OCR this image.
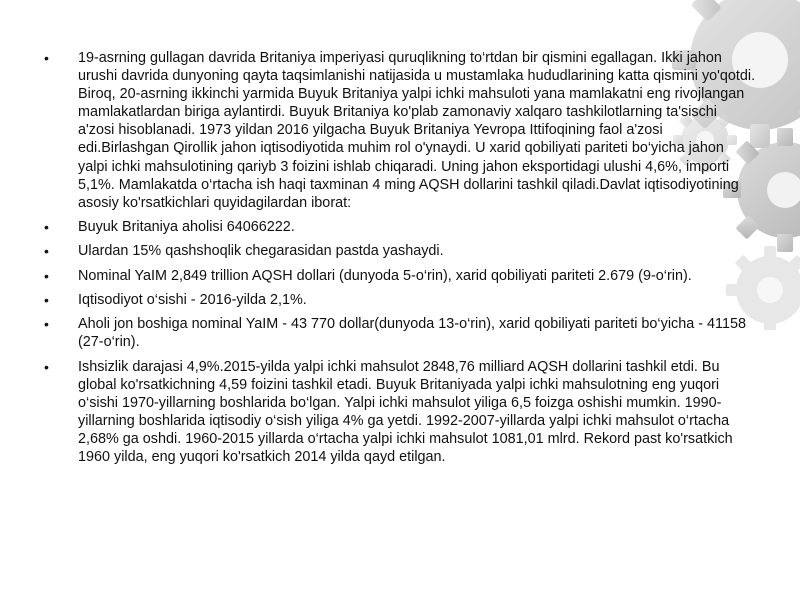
• 19-asrning gullagan davrida Britaniya imperiyasi quruqlikning to‘rtdan bir qismini egallagan. Ikki jahon urushi davrida dunyoning qayta taqsimlanishi natijasida u mustamlaka hududlarining katta qismini yo'qotdi. Biroq, 20-asrning ikkinchi yarmida Buyuk Britaniya yalpi ichki mahsuloti yana mamlakatni eng rivojlangan mamlakatlardan biriga aylantirdi. Buyuk Britaniya ko'plab zamonaviy xalqaro tashkilotlarning ta'sischi a'zosi hisoblanadi. 1973 yildan 2016 yilgacha Buyuk Britaniya Yevropa Ittifoqining faol a'zosi edi.Birlashgan Qirollik jahon iqtisodiyotida muhim rol o'ynaydi. U xarid qobiliyati pariteti bo‘yicha jahon yalpi ichki mahsulotining qariyb 3 foizini ishlab chiqaradi. Uning jahon eksportidagi ulushi 4,6%, importi 5,1%. Mamlakatda o‘rtacha ish haqi taxminan 4 ming AQSH dollarini tashkil qiladi.Davlat iqtisodiyotining asosiy ko'rsatkichlari quyidagilardan iborat:
• Buyuk Britaniya aholisi 64066222.
• Ulardan 15% qashshoqlik chegarasidan pastda yashaydi.
• Nominal YaIM 2,849 trillion AQSH dollari (dunyoda 5-o‘rin), xarid qobiliyati pariteti 2.679 (9-o‘rin).
• Iqtisodiyot o‘sishi - 2016-yilda 2,1%.
• Aholi jon boshiga nominal YaIM - 43 770 dollar(dunyoda 13-o‘rin), xarid qobiliyati pariteti bo‘yicha - 41158 (27-o‘rin).
• Ishsizlik darajasi 4,9%.2015-yilda yalpi ichki mahsulot 2848,76 milliard AQSH dollarini tashkil etdi. Bu global ko'rsatkichning 4,59 foizini tashkil etadi. Buyuk Britaniyada yalpi ichki mahsulotning eng yuqori o‘sishi 1970-yillarning boshlarida bo‘lgan. Yalpi ichki mahsulot yiliga 6,5 foizga oshishi mumkin. 1990-yillarning boshlarida iqtisodiy o‘sish yiliga 4% ga yetdi. 1992-2007-yillarda yalpi ichki mahsulot o‘rtacha 2,68% ga oshdi. 1960-2015 yillarda o‘rtacha yalpi ichki mahsulot 1081,01 mlrd. Rekord past ko'rsatkich 1960 yilda, eng yuqori ko'rsatkich 2014 yilda qayd etilgan.
